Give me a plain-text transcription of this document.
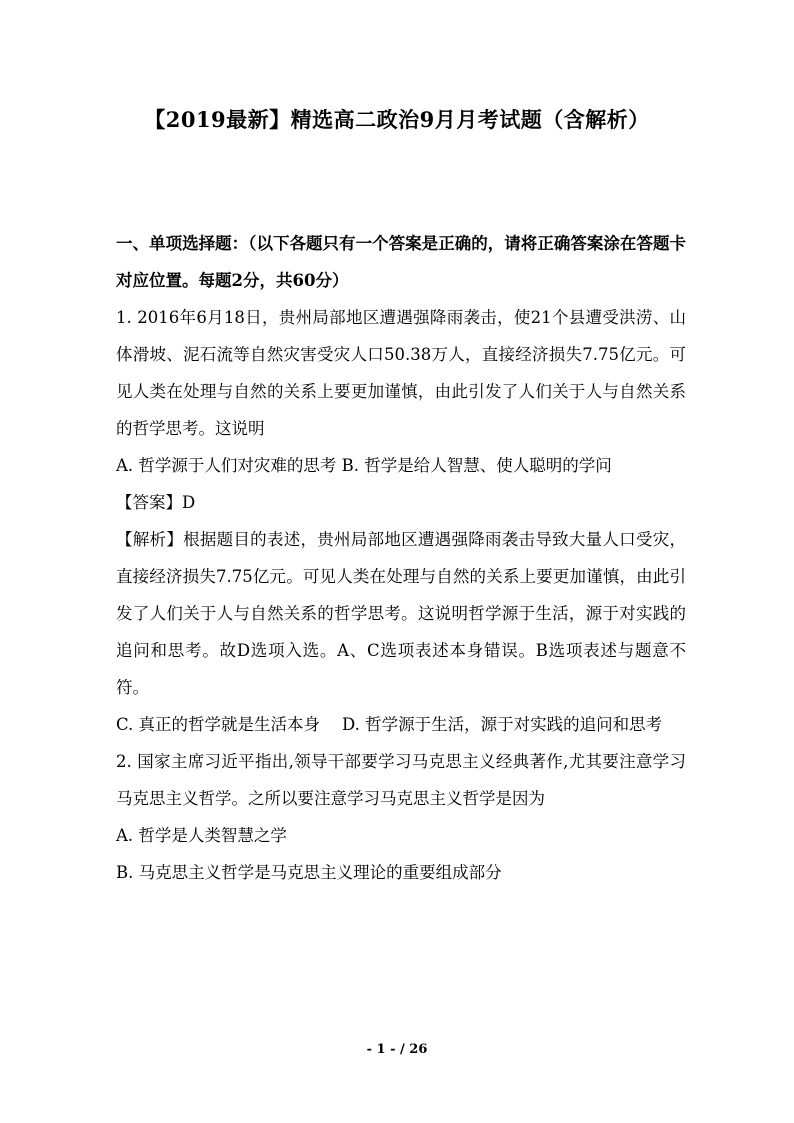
【2019最新】精选高二政治9月月考试题（含解析）

一、单项选择题：（以下各题只有一个答案是正确的，请将正确答案涂在答题卡对应位置。每题2分，共60分）

1. 2016年6月18日，贵州局部地区遭遇强降雨袭击，使21个县遭受洪涝、山体滑坡、泥石流等自然灾害受灾人口50.38万人，直接经济损失7.75亿元。可见人类在处理与自然的关系上要更加谨慎，由此引发了人们关于人与自然关系的哲学思考。这说明

A. 哲学源于人们对灾难的思考 B. 哲学是给人智慧、使人聪明的学问

【答案】D

【解析】根据题目的表述，贵州局部地区遭遇强降雨袭击导致大量人口受灾，直接经济损失7.75亿元。可见人类在处理与自然的关系上要更加谨慎，由此引发了人们关于人与自然关系的哲学思考。这说明哲学源于生活，源于对实践的追问和思考。故D选项入选。A、C选项表述本身错误。B选项表述与题意不符。

C. 真正的哲学就是生活本身 D. 哲学源于生活，源于对实践的追问和思考

2. 国家主席习近平指出,领导干部要学习马克思主义经典著作,尤其要注意学习马克思主义哲学。之所以要注意学习马克思主义哲学是因为

A. 哲学是人类智慧之学

B. 马克思主义哲学是马克思主义理论的重要组成部分

- 1 - / 26
